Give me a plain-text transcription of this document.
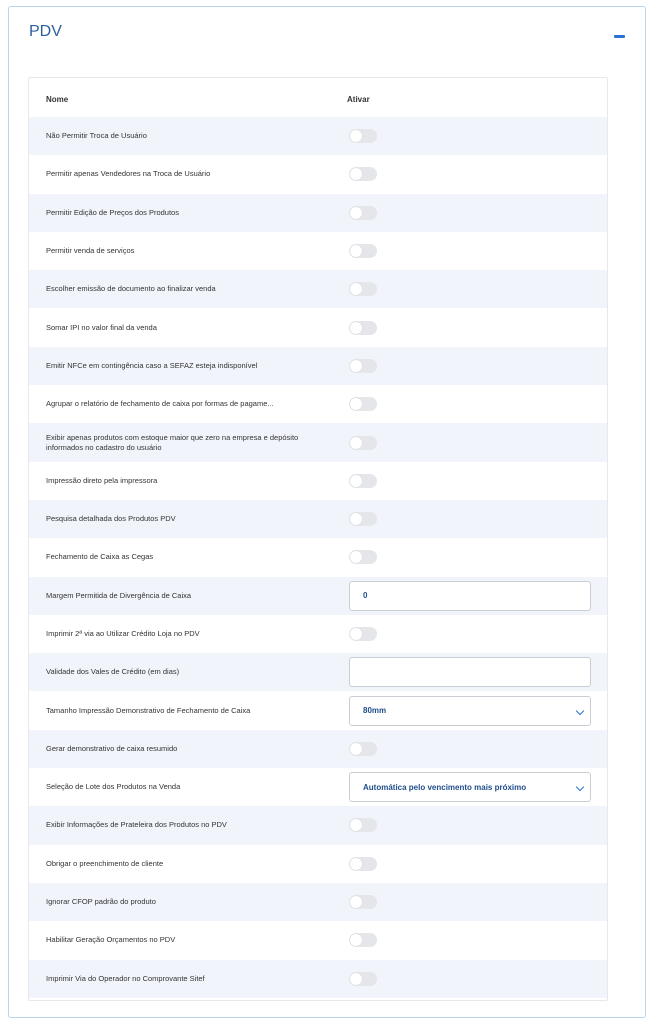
PDV
Nome	Ativar
Não Permitir Troca de Usuário
Permitir apenas Vendedores na Troca de Usuário
Permitir Edição de Preços dos Produtos
Permitir venda de serviços
Escolher emissão de documento ao finalizar venda
Somar IPI no valor final da venda
Emitir NFCe em contingência caso a SEFAZ esteja indisponível
Agrupar o relatório de fechamento de caixa por formas de pagame...
Exibir apenas produtos com estoque maior que zero na empresa e depósito informados no cadastro do usuário
Impressão direto pela impressora
Pesquisa detalhada dos Produtos PDV
Fechamento de Caixa as Cegas
Margem Permitida de Divergência de Caixa	0
Imprimir 2ª via ao Utilizar Crédito Loja no PDV
Validade dos Vales de Crédito (em dias)
Tamanho Impressão Demonstrativo de Fechamento de Caixa	80mm
Gerar demonstrativo de caixa resumido
Seleção de Lote dos Produtos na Venda	Automática pelo vencimento mais próximo
Exibir Informações de Prateleira dos Produtos no PDV
Obrigar o preenchimento de cliente
Ignorar CFOP padrão do produto
Habilitar Geração Orçamentos no PDV
Imprimir Via do Operador no Comprovante Sitef
